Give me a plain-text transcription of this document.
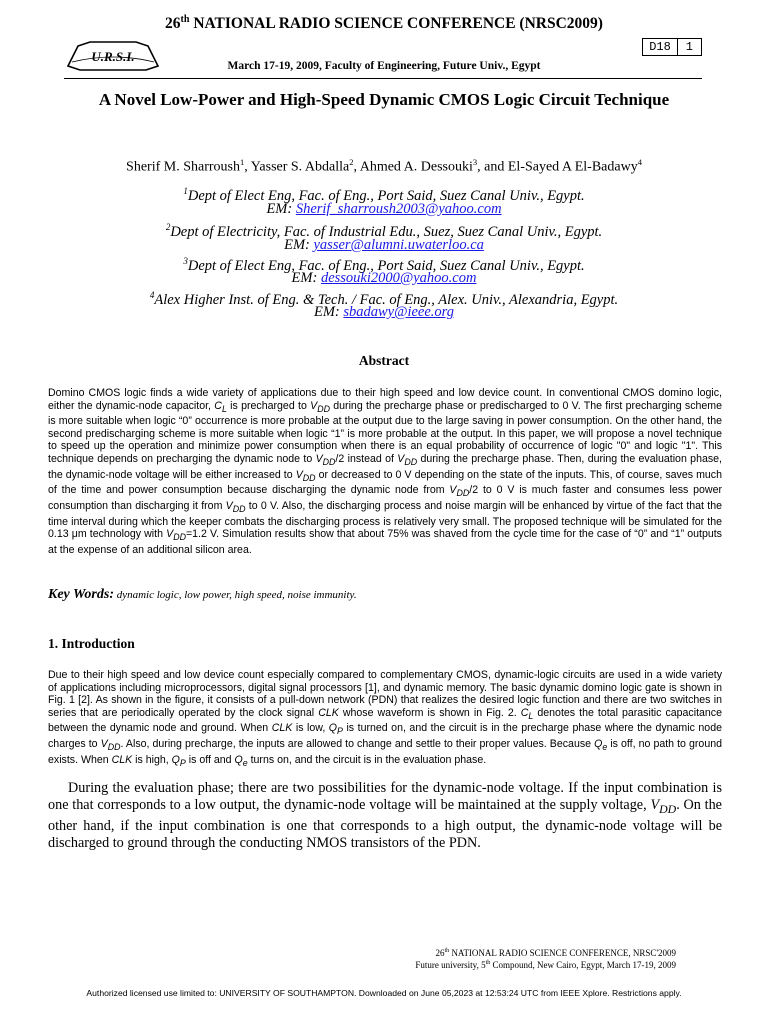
U.R.S.I.
26th NATIONAL RADIO SCIENCE CONFERENCE (NRSC2009)
March 17-19, 2009, Faculty of Engineering, Future Univ., Egypt
D18	1
A Novel Low-Power and High-Speed Dynamic CMOS Logic Circuit Technique
Sherif M. Sharroush$^1$, Yasser S. Abdalla$^2$, Ahmed A. Dessouki$^3$, and El-Sayed A El-Badawy$^4$
$^1$Dept of Elect Eng, Fac. of Eng., Port Said, Suez Canal Univ., Egypt.
EM: Sherif_sharroush2003@yahoo.com
$^2$Dept of Electricity, Fac. of Industrial Edu., Suez, Suez Canal Univ., Egypt.
EM: yasser@alumni.uwaterloo.ca
$^3$Dept of Elect Eng, Fac. of Eng., Port Said, Suez Canal Univ., Egypt.
EM: dessouki2000@yahoo.com
$^4$Alex Higher Inst. of Eng. & Tech. / Fac. of Eng., Alex. Univ., Alexandria, Egypt.
EM: sbadawy@ieee.org
Abstract
Domino CMOS logic finds a wide variety of applications due to their high speed and low device count. In conventional CMOS domino logic, either the dynamic-node capacitor, $C_L$ is precharged to $V_{DD}$ during the precharge phase or predischarged to 0 V. The first precharging scheme is more suitable when logic “0” occurrence is more probable at the output due to the large saving in power consumption. On the other hand, the second predischarging scheme is more suitable when logic “1” is more probable at the output. In this paper, we will propose a novel technique to speed up the operation and minimize power consumption when there is an equal probability of occurrence of logic "0" and logic "1". This technique depends on precharging the dynamic node to $V_{DD}/2$ instead of $V_{DD}$ during the precharge phase. Then, during the evaluation phase, the dynamic-node voltage will be either increased to $V_{DD}$ or decreased to 0 V depending on the state of the inputs. This, of course, saves much of the time and power consumption because discharging the dynamic node from $V_{DD}/2$ to 0 V is much faster and consumes less power consumption than discharging it from $V_{DD}$ to 0 V. Also, the discharging process and noise margin will be enhanced by virtue of the fact that the time interval during which the keeper combats the discharging process is relatively very small. The proposed technique will be simulated for the 0.13 μm technology with $V_{DD}=1.2$ V. Simulation results show that about 75% was shaved from the cycle time for the case of “0” and “1” outputs at the expense of an additional silicon area.
Key Words: dynamic logic, low power, high speed, noise immunity.
1. Introduction
Due to their high speed and low device count especially compared to complementary CMOS, dynamic-logic circuits are used in a wide variety of applications including microprocessors, digital signal processors [1], and dynamic memory. The basic dynamic domino logic gate is shown in Fig. 1 [2]. As shown in the figure, it consists of a pull-down network (PDN) that realizes the desired logic function and there are two switches in series that are periodically operated by the clock signal CLK whose waveform is shown in Fig. 2. $C_L$ denotes the total parasitic capacitance between the dynamic node and ground. When CLK is low, $Q_P$ is turned on, and the circuit is in the precharge phase where the dynamic node charges to $V_{DD}$. Also, during precharge, the inputs are allowed to change and settle to their proper values. Because $Q_e$ is off, no path to ground exists. When CLK is high, $Q_P$ is off and $Q_e$ turns on, and the circuit is in the evaluation phase.
During the evaluation phase; there are two possibilities for the dynamic-node voltage. If the input combination is one that corresponds to a low output, the dynamic-node voltage will be maintained at the supply voltage, $V_{DD}$. On the other hand, if the input combination is one that corresponds to a high output, the dynamic-node voltage will be discharged to ground through the conducting NMOS transistors of the PDN.
26th NATIONAL RADIO SCIENCE CONFERENCE, NRSC'2009
Future university, 5th Compound, New Cairo, Egypt, March 17-19, 2009
Authorized licensed use limited to: UNIVERSITY OF SOUTHAMPTON. Downloaded on June 05,2023 at 12:53:24 UTC from IEEE Xplore. Restrictions apply.
